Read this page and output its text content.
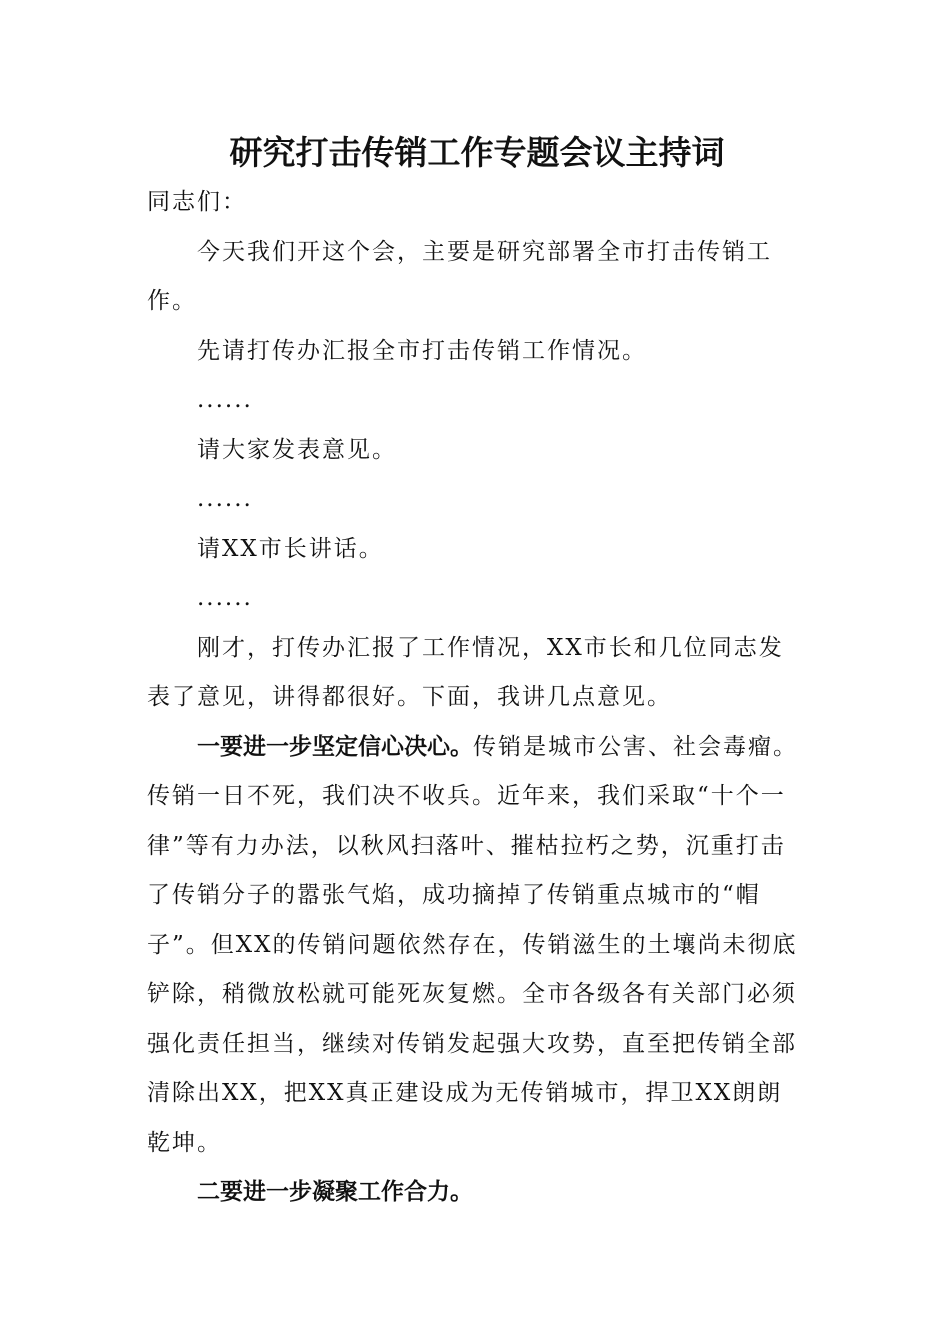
研究打击传销工作专题会议主持词

同志们：

今天我们开这个会，主要是研究部署全市打击传销工作。

先请打传办汇报全市打击传销工作情况。

......

请大家发表意见。

......

请XX市长讲话。

......

刚才，打传办汇报了工作情况，XX市长和几位同志发表了意见，讲得都很好。下面，我讲几点意见。

一要进一步坚定信心决心。传销是城市公害、社会毒瘤。传销一日不死，我们决不收兵。近年来，我们采取“十个一律”等有力办法，以秋风扫落叶、摧枯拉朽之势，沉重打击了传销分子的嚣张气焰，成功摘掉了传销重点城市的“帽子”。但XX的传销问题依然存在，传销滋生的土壤尚未彻底铲除，稍微放松就可能死灰复燃。全市各级各有关部门必须强化责任担当，继续对传销发起强大攻势，直至把传销全部清除出XX，把XX真正建设成为无传销城市，捍卫XX朗朗乾坤。

二要进一步凝聚工作合力。
